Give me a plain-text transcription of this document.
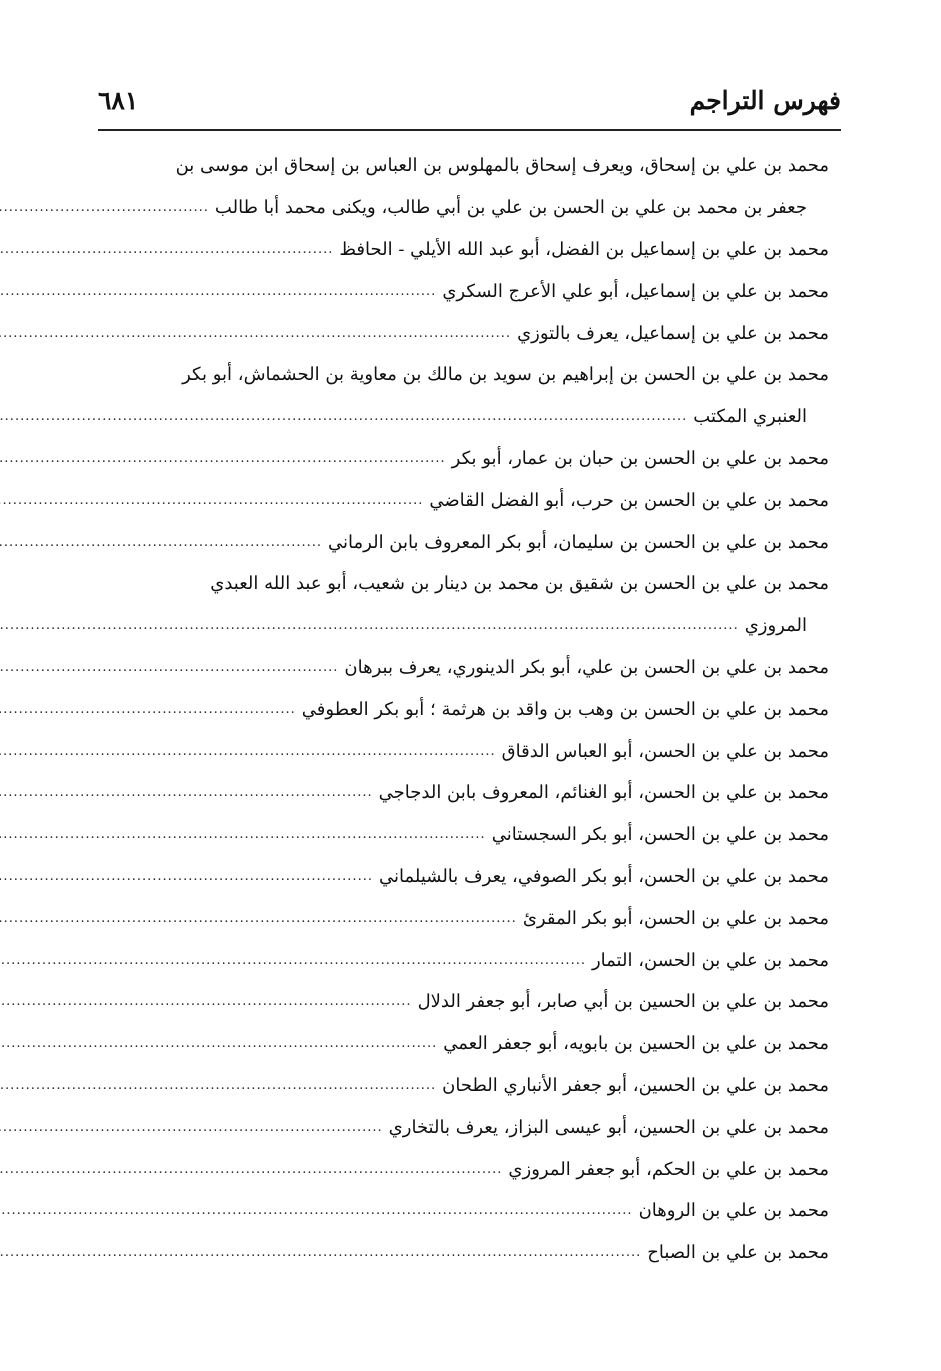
فهرس التراجم
٦٨١
محمد بن علي بن إسحاق، ويعرف إسحاق بالمهلوس بن العباس بن إسحاق ابن موسى بن
جعفر بن محمد بن علي بن الحسن بن علي بن أبي طالب، ويكنى محمد أبا طالب
.....
محمد بن علي بن إسماعيل بن الفضل، أبو عبد الله الأيلي - الحافظ
.....
محمد بن علي بن إسماعيل، أبو علي الأعرج السكري
.....
محمد بن علي بن إسماعيل، يعرف بالتوزي
.....
محمد بن علي بن الحسن بن إبراهيم بن سويد بن مالك بن معاوية بن الحشماش، أبو بكر
العنبري المكتب
.....
محمد بن علي بن الحسن بن حبان بن عمار، أبو بكر
.....
محمد بن علي بن الحسن بن حرب، أبو الفضل القاضي
.....
محمد بن علي بن الحسن بن سليمان، أبو بكر المعروف بابن الرماني
.....
محمد بن علي بن الحسن بن شقيق بن محمد بن دينار بن شعيب، أبو عبد الله العبدي
المروزي
.....
محمد بن علي بن الحسن بن علي، أبو بكر الدينوري، يعرف ببرهان
.....
محمد بن علي بن الحسن بن وهب بن واقد بن هرثمة ؛ أبو بكر العطوفي
.....
محمد بن علي بن الحسن، أبو العباس الدقاق
.....
محمد بن علي بن الحسن، أبو الغنائم، المعروف بابن الدجاجي
.....
محمد بن علي بن الحسن، أبو بكر السجستاني
.....
محمد بن علي بن الحسن، أبو بكر الصوفي، يعرف بالشيلماني
.....
محمد بن علي بن الحسن، أبو بكر المقرئ
.....
محمد بن علي بن الحسن، التمار
.....
محمد بن علي بن الحسين بن أبي صابر، أبو جعفر الدلال
.....
محمد بن علي بن الحسين بن بابويه، أبو جعفر العمي
.....
محمد بن علي بن الحسين، أبو جعفر الأنباري الطحان
.....
محمد بن علي بن الحسين، أبو عيسى البزاز، يعرف بالتخاري
.....
محمد بن علي بن الحكم، أبو جعفر المروزي
.....
محمد بن علي بن الروهان
.....
محمد بن علي بن الصباح
.....
